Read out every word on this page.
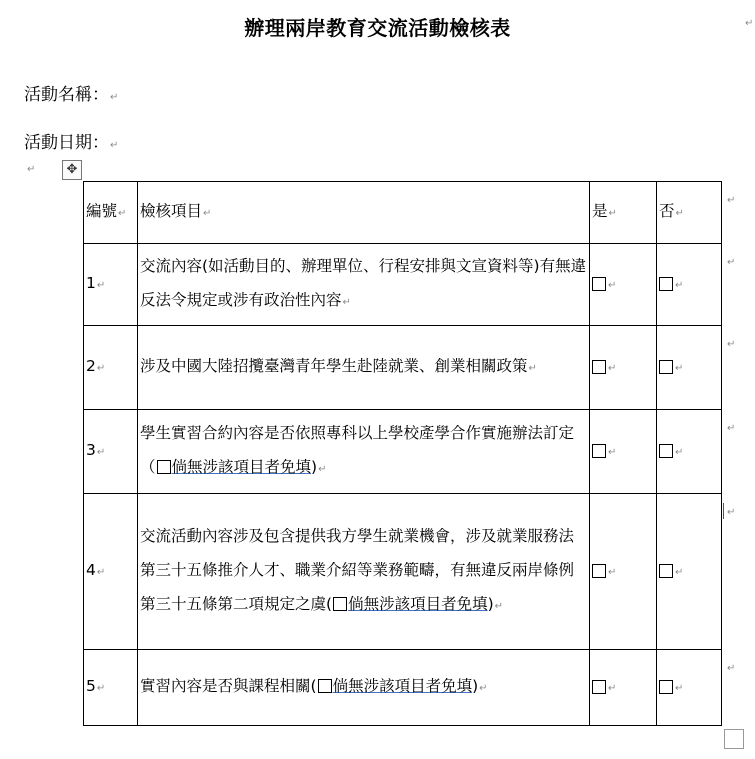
辦理兩岸教育交流活動檢核表	↵
活動名稱：↵
活動日期：↵
↵	✥
編號↵	檢核項目↵	是↵	否↵
1↵	交流內容(如活動目的、辦理單位、行程安排與文宣資料等)有無違反法令規定或涉有政治性內容↵	↵	↵
2↵	涉及中國大陸招攬臺灣青年學生赴陸就業、創業相關政策↵	↵	↵
3↵	學生實習合約內容是否依照專科以上學校產學合作實施辦法訂定（ 倘無涉該項目者免填)↵	↵	↵
4↵	交流活動內容涉及包含提供我方學生就業機會，涉及就業服務法第三十五條推介人才、職業介紹等業務範疇，有無違反兩岸條例第三十五條第二項規定之虞( 倘無涉該項目者免填)↵	↵	↵
5↵	實習內容是否與課程相關( 倘無涉該項目者免填)↵	↵	↵
↵
↵
↵
↵
↵
↵
